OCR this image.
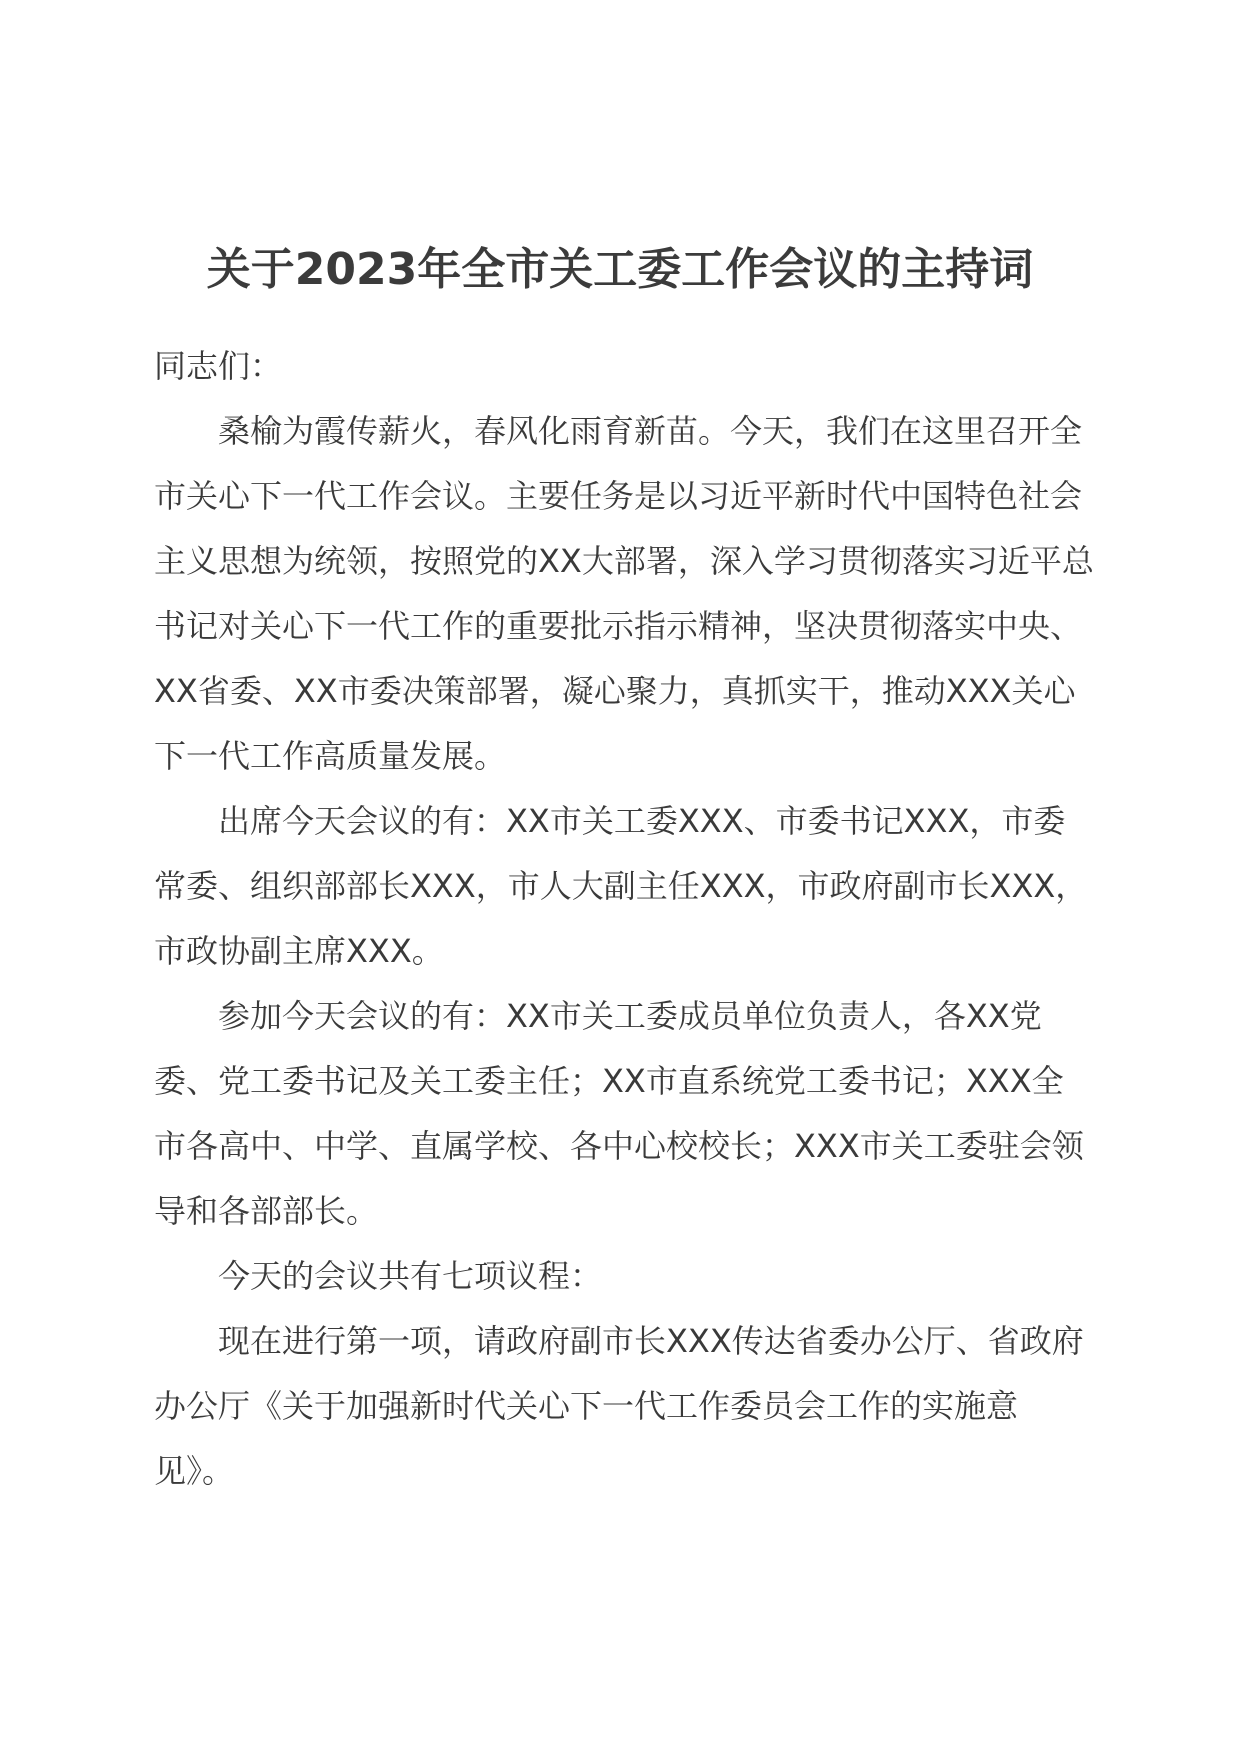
关于2023年全市关工委工作会议的主持词

同志们：

桑榆为霞传薪火，春风化雨育新苗。今天，我们在这里召开全市关心下一代工作会议。主要任务是以习近平新时代中国特色社会主义思想为统领，按照党的XX大部署，深入学习贯彻落实习近平总书记对关心下一代工作的重要批示指示精神，坚决贯彻落实中央、XX省委、XX市委决策部署，凝心聚力，真抓实干，推动XXX关心下一代工作高质量发展。

出席今天会议的有：XX市关工委XXX、市委书记XXX，市委常委、组织部部长XXX，市人大副主任XXX，市政府副市长XXX，市政协副主席XXX。

参加今天会议的有：XX市关工委成员单位负责人，各XX党委、党工委书记及关工委主任；XX市直系统党工委书记；XXX全市各高中、中学、直属学校、各中心校校长；XXX市关工委驻会领导和各部部长。

今天的会议共有七项议程：

现在进行第一项，请政府副市长XXX传达省委办公厅、省政府办公厅《关于加强新时代关心下一代工作委员会工作的实施意见》。
